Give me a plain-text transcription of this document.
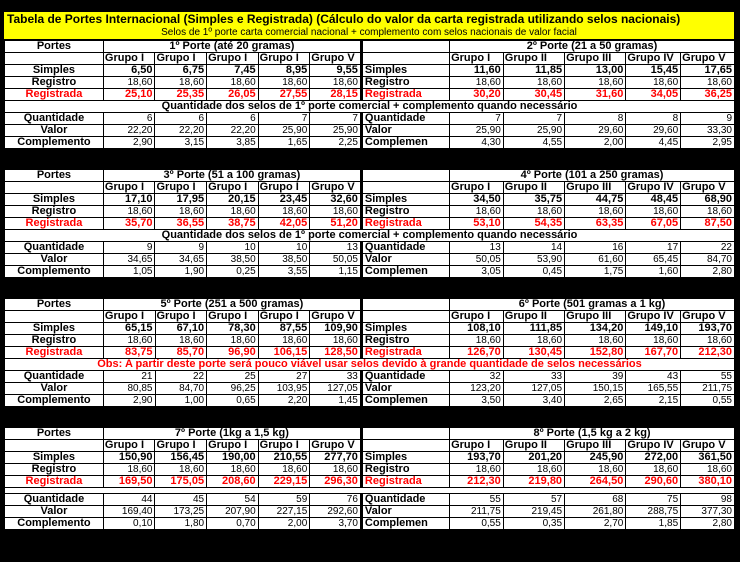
Tabela de Portes Internacional (Simples e Registrada) (Cálculo do valor da carta registrada utilizando selos nacionais)
Selos de 1º porte carta comercial nacional + complemento com selos nacionais de valor facial
Portes	1º Porte (até 20 gramas)						2º Porte (21 a 50 gramas)				
	Grupo I	Grupo I	Grupo I	Grupo I	Grupo V		Grupo I	Grupo II	Grupo III	Grupo IV	Grupo V
Simples	6,50	6,75	7,45	8,95	9,55	Simples	11,60	11,85	13,00	15,45	17,65
Registro	18,60	18,60	18,60	18,60	18,60	Registro	18,60	18,60	18,60	18,60	18,60
Registrada	25,10	25,35	26,05	27,55	28,15	Registrada	30,20	30,45	31,60	34,05	36,25
Quantidade dos selos de 1º porte comercial + complemento quando necessário											
Quantidade	6	6	6	7	7	Quantidade	7	7	8	8	9
Valor	22,20	22,20	22,20	25,90	25,90	Valor	25,90	25,90	29,60	29,60	33,30
Complemento	2,90	3,15	3,85	1,65	2,25	Complemen	4,30	4,55	2,00	4,45	2,95
Portes	3º Porte (51 a 100 gramas)						4º Porte (101 a 250 gramas)				
	Grupo I	Grupo I	Grupo I	Grupo I	Grupo V		Grupo I	Grupo II	Grupo III	Grupo IV	Grupo V
Simples	17,10	17,95	20,15	23,45	32,60	Simples	34,50	35,75	44,75	48,45	68,90
Registro	18,60	18,60	18,60	18,60	18,60	Registro	18,60	18,60	18,60	18,60	18,60
Registrada	35,70	36,55	38,75	42,05	51,20	Registrada	53,10	54,35	63,35	67,05	87,50
Quantidade dos selos de 1º porte comercial + complemento quando necessário											
Quantidade	9	9	10	10	13	Quantidade	13	14	16	17	22
Valor	34,65	34,65	38,50	38,50	50,05	Valor	50,05	53,90	61,60	65,45	84,70
Complemento	1,05	1,90	0,25	3,55	1,15	Complemen	3,05	0,45	1,75	1,60	2,80
Portes	5º Porte (251 a 500 gramas)						6º Porte (501 gramas a 1 kg)				
	Grupo I	Grupo I	Grupo I	Grupo I	Grupo V		Grupo I	Grupo II	Grupo III	Grupo IV	Grupo V
Simples	65,15	67,10	78,30	87,55	109,90	Simples	108,10	111,85	134,20	149,10	193,70
Registro	18,60	18,60	18,60	18,60	18,60	Registro	18,60	18,60	18,60	18,60	18,60
Registrada	83,75	85,70	96,90	106,15	128,50	Registrada	126,70	130,45	152,80	167,70	212,30
Obs: A partir deste porte será pouco viável usar selos devido à grande quantidade de selos necessários											
Quantidade	21	22	25	27	33	Quantidade	32	33	39	43	55
Valor	80,85	84,70	96,25	103,95	127,05	Valor	123,20	127,05	150,15	165,55	211,75
Complemento	2,90	1,00	0,65	2,20	1,45	Complemen	3,50	3,40	2,65	2,15	0,55
Portes	7º Porte (1kg a 1,5 kg)						8º Porte (1,5 kg a 2 kg)				
	Grupo I	Grupo I	Grupo I	Grupo I	Grupo V		Grupo I	Grupo II	Grupo III	Grupo IV	Grupo V
Simples	150,90	156,45	190,00	210,55	277,70	Simples	193,70	201,20	245,90	272,00	361,50
Registro	18,60	18,60	18,60	18,60	18,60	Registro	18,60	18,60	18,60	18,60	18,60
Registrada	169,50	175,05	208,60	229,15	296,30	Registrada	212,30	219,80	264,50	290,60	380,10

Quantidade	44	45	54	59	76	Quantidade	55	57	68	75	98
Valor	169,40	173,25	207,90	227,15	292,60	Valor	211,75	219,45	261,80	288,75	377,30
Complemento	0,10	1,80	0,70	2,00	3,70	Complemen	0,55	0,35	2,70	1,85	2,80
